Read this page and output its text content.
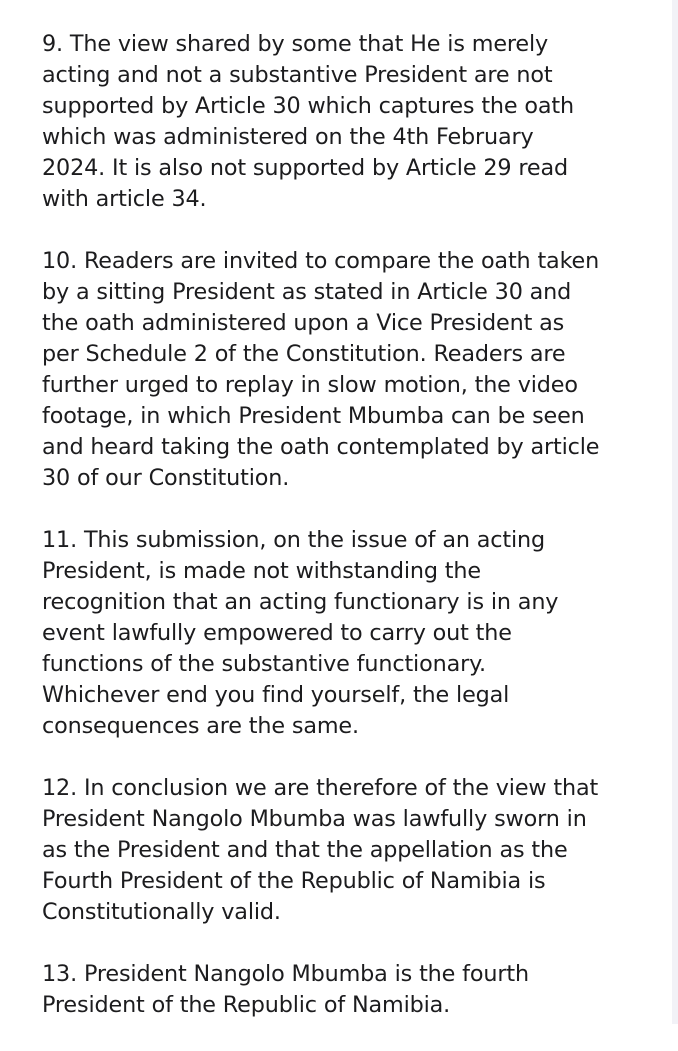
9. The view shared by some that He is merely
acting and not a substantive President are not
supported by Article 30 which captures the oath
which was administered on the 4th February
2024. It is also not supported by Article 29 read
with article 34.

10. Readers are invited to compare the oath taken
by a sitting President as stated in Article 30 and
the oath administered upon a Vice President as
per Schedule 2 of the Constitution. Readers are
further urged to replay in slow motion, the video
footage, in which President Mbumba can be seen
and heard taking the oath contemplated by article
30 of our Constitution.

11. This submission, on the issue of an acting
President, is made not withstanding the
recognition that an acting functionary is in any
event lawfully empowered to carry out the
functions of the substantive functionary.
Whichever end you find yourself, the legal
consequences are the same.

12. In conclusion we are therefore of the view that
President Nangolo Mbumba was lawfully sworn in
as the President and that the appellation as the
Fourth President of the Republic of Namibia is
Constitutionally valid.

13. President Nangolo Mbumba is the fourth
President of the Republic of Namibia.
